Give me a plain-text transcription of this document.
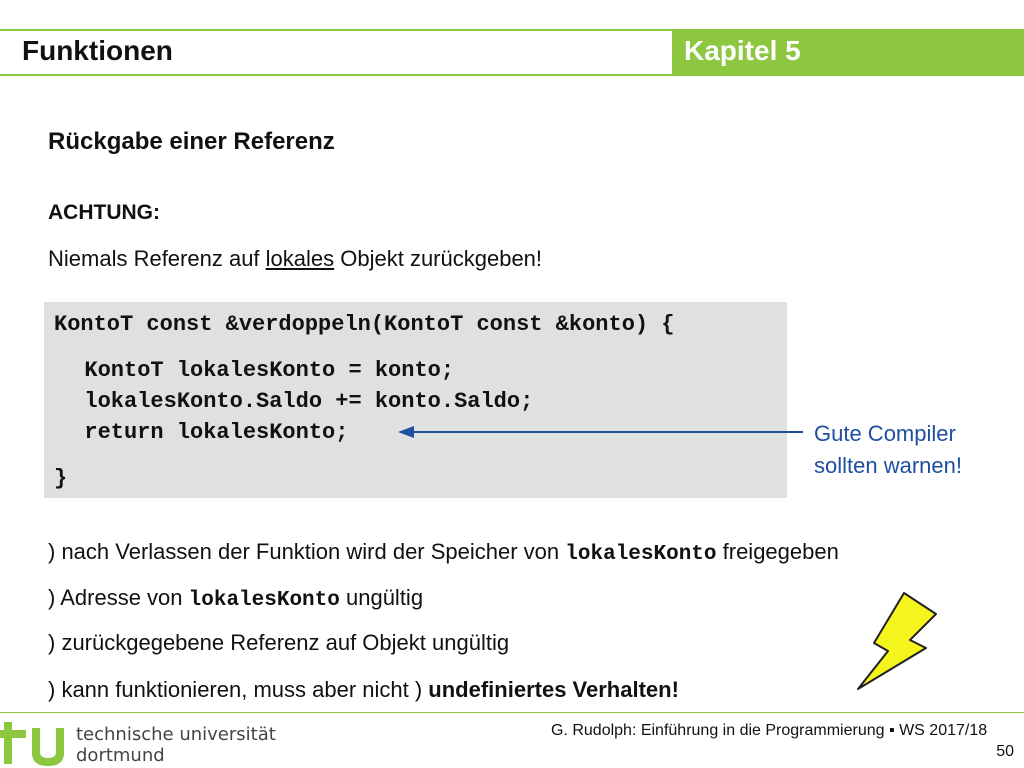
Funktionen	Kapitel 5
Rückgabe einer Referenz
ACHTUNG:
Niemals Referenz auf lokales Objekt zurückgeben!
KontoT const &verdoppeln(KontoT const &konto) {
KontoT lokalesKonto = konto;
lokalesKonto.Saldo += konto.Saldo;
return lokalesKonto;
}
Gute Compiler
sollten warnen!
) nach Verlassen der Funktion wird der Speicher von lokalesKonto freigegeben
) Adresse von lokalesKonto ungültig
) zurückgegebene Referenz auf Objekt ungültig
) kann funktionieren, muss aber nicht ) undefiniertes Verhalten!
G. Rudolph: Einführung in die Programmierung ▪ WS 2017/18
50
technische universität
dortmund
